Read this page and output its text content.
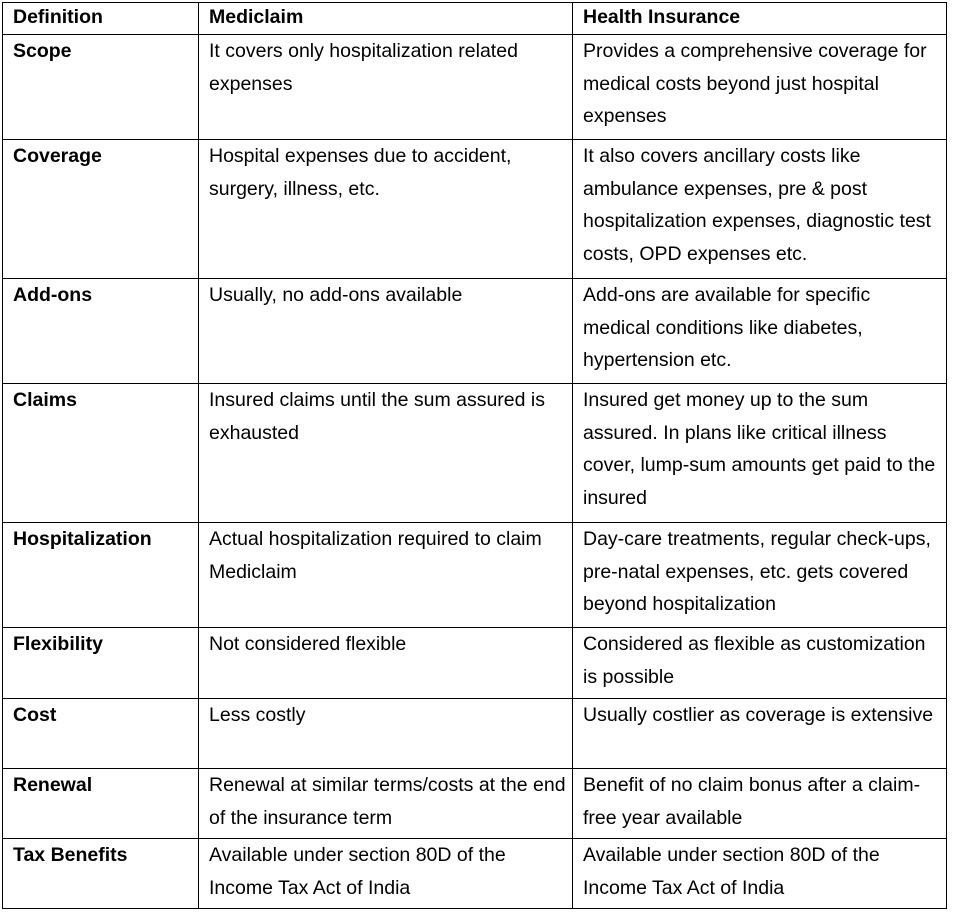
Definition	Mediclaim	Health Insurance
Scope	It covers only hospitalization related expenses	Provides a comprehensive coverage for medical costs beyond just hospital expenses
Coverage	Hospital expenses due to accident, surgery, illness, etc.	It also covers ancillary costs like ambulance expenses, pre & post hospitalization expenses, diagnostic test costs, OPD expenses etc.
Add-ons	Usually, no add-ons available	Add-ons are available for specific medical conditions like diabetes, hypertension etc.
Claims	Insured claims until the sum assured is exhausted	Insured get money up to the sum assured. In plans like critical illness cover, lump-sum amounts get paid to the insured
Hospitalization	Actual hospitalization required to claim Mediclaim	Day-care treatments, regular check-ups, pre-natal expenses, etc. gets covered beyond hospitalization
Flexibility	Not considered flexible	Considered as flexible as customization is possible
Cost	Less costly	Usually costlier as coverage is extensive
Renewal	Renewal at similar terms/costs at the end of the insurance term	Benefit of no claim bonus after a claim-free year available
Tax Benefits	Available under section 80D of the Income Tax Act of India	Available under section 80D of the Income Tax Act of India
